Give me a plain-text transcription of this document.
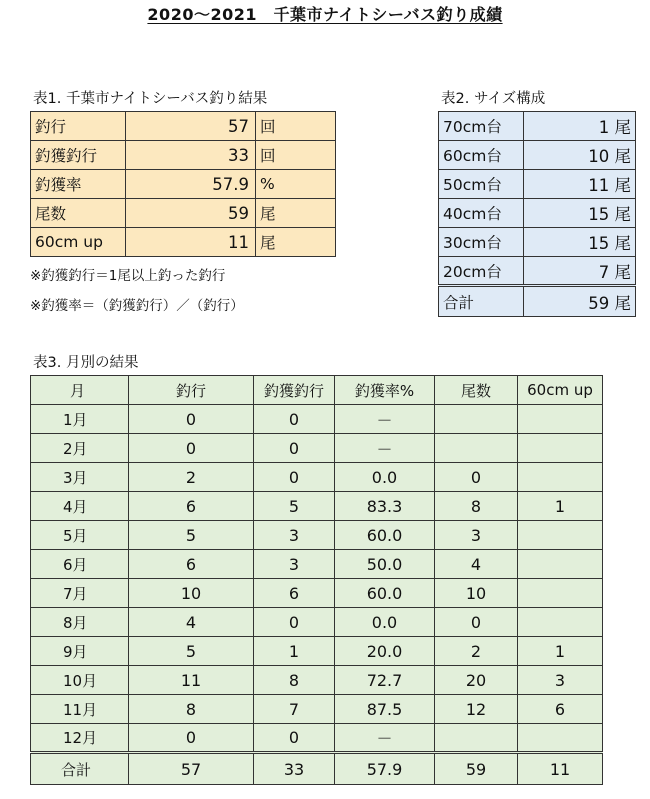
2020～2021　千葉市ナイトシーバス釣り成績
表1. 千葉市ナイトシーバス釣り結果
釣行	57	回
釣獲釣行	33	回
釣獲率	57.9	%
尾数	59	尾
60cm up	11	尾
※釣獲釣行＝1尾以上釣った釣行
※釣獲率＝（釣獲釣行）／（釣行）
表2. サイズ構成
70cm台	1 尾
60cm台	10 尾
50cm台	11 尾
40cm台	15 尾
30cm台	15 尾
20cm台	7 尾
合計	59 尾
表3. 月別の結果
月	釣行	釣獲釣行	釣獲率%	尾数	60cm up
1月	0	0	－		
2月	0	0	－		
3月	2	0	0.0	0	
4月	6	5	83.3	8	1
5月	5	3	60.0	3	
6月	6	3	50.0	4	
7月	10	6	60.0	10	
8月	4	0	0.0	0	
9月	5	1	20.0	2	1
10月	11	8	72.7	20	3
11月	8	7	87.5	12	6
12月	0	0	－		
合計	57	33	57.9	59	11
